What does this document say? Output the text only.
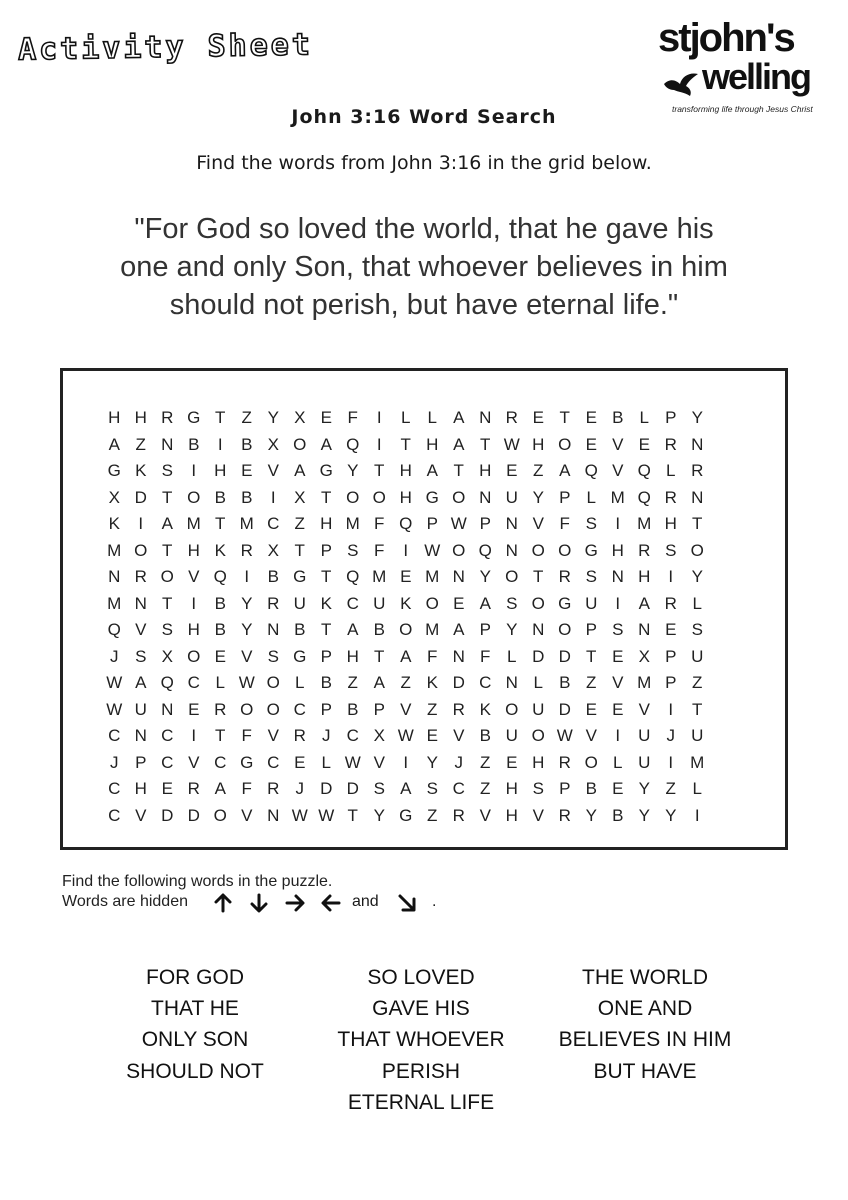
Activity Sheet	stjohn's
welling
transforming life through Jesus Christ
John 3:16 Word Search
Find the words from John 3:16 in the grid below.
"For God so loved the world, that he gave his
one and only Son, that whoever believes in him
should not perish, but have eternal life."
H H R G T Z Y X E F	I	L	L A N R E T E B L P Y
A Z N B	I	B X O A Q	I	T H A T W H O E V E R N
G K S	I	H E V A G Y T H A T H E Z A Q V Q L R
X D T O B B	I	X T O O H G O N U Y P L M Q R N
K	I	A M T M C Z H M F Q P W P N V F S	I	M H T
M O T H K R X T P S F	I W O Q N O O G H R S O
N R O V Q	I	B G T Q M E M N Y O T R S N H	I	Y
M N T	I	B Y R U K C U K O E A S O G U	I	A R L
Q V S H B Y N B T A B O M A P Y N O P S N E S
J S X O E V S G P H T A F N F L D D T E X P U
W A Q C L W O L B Z A Z K D C N L B Z V M P Z
W U N E R O O C P B P V Z R K O U D E E V	I	T
C N C	I	T F V R J C X W E V B U O W V	I	U J U
J P C V C G C E L W V	I	Y J	Z E H R O L U	I	M
C H E R A F R J D D S A S C Z H S P B E Y Z L
C V D D O V N W W T Y G Z R V H V R Y B Y Y	I
Find the following words in the puzzle.
Words are hidden	and	.
FOR GOD
THAT HE
ONLY SON
SHOULD NOT
SO LOVED
GAVE HIS
THAT WHOEVER
PERISH
ETERNAL LIFE
THE WORLD
ONE AND
BELIEVES IN HIM
BUT HAVE
